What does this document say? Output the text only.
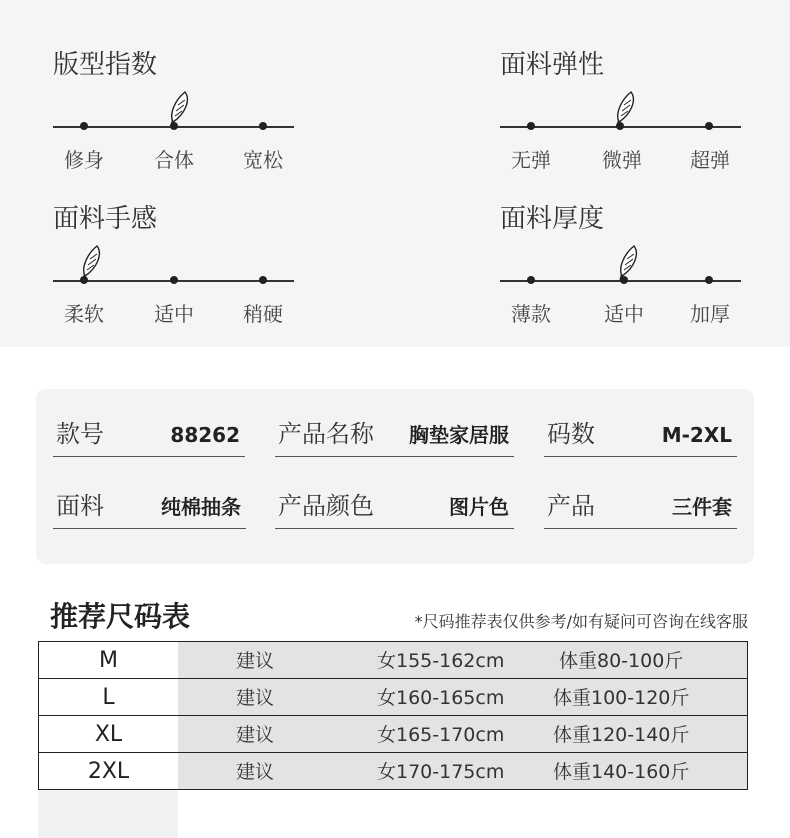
版型指数
修身	合体	宽松
面料弹性
无弹	微弹	超弹
面料手感
柔软	适中	稍硬
面料厚度
薄款	适中	加厚
款号	88262 产品名称 胸垫家居服 码数	M-2XL
面料	纯棉抽条 产品颜色	图片色 产品	三件套
推荐尺码表	*尺码推荐表仅供参考/如有疑问可咨询在线客服
M	建议	女155-162cm	体重80-100斤
L	建议	女160-165cm	体重100-120斤
XL	建议	女165-170cm	体重120-140斤
2XL	建议	女170-175cm	体重140-160斤
